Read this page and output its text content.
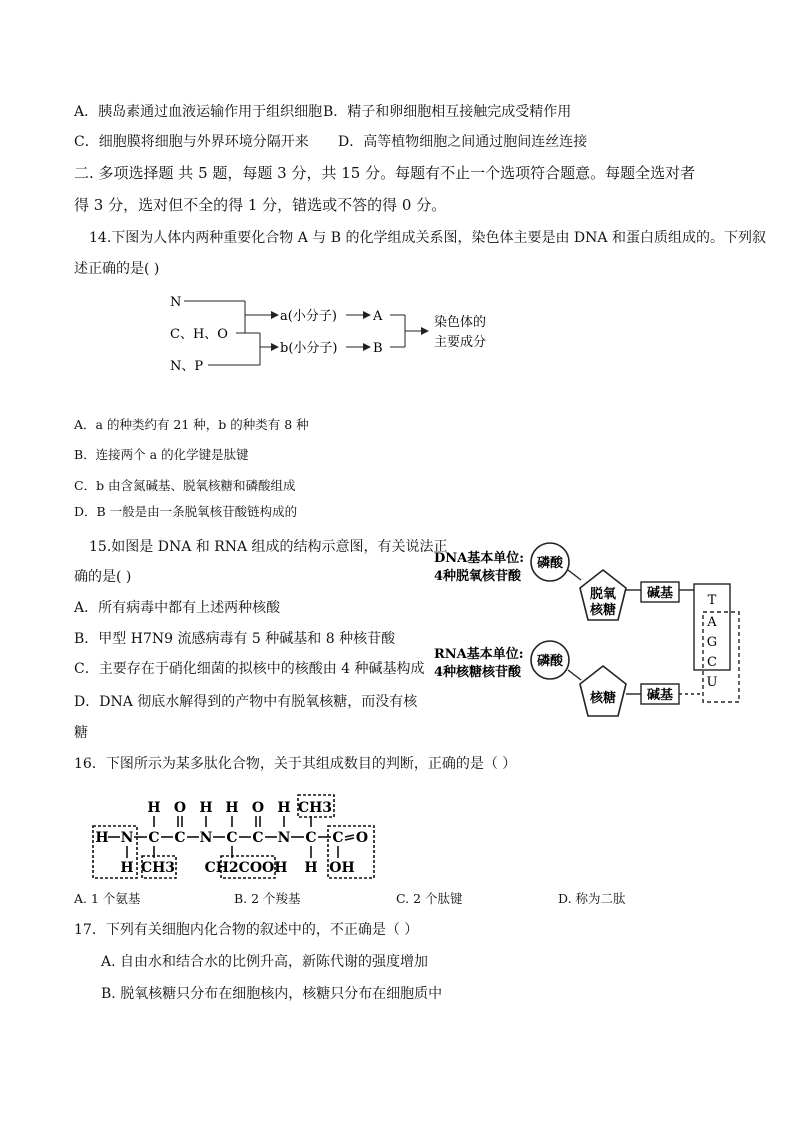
A．胰岛素通过血液运输作用于组织细胞 B．精子和卵细胞相互接触完成受精作用
C．细胞膜将细胞与外界环境分隔开来 D．高等植物细胞之间通过胞间连丝连接
二. 多项选择题 共 5 题，每题 3 分，共 15 分。每题有不止一个选项符合题意。每题全选对者
得 3 分，选对但不全的得 1 分，错选或不答的得 0 分。
14.下图为人体内两种重要化合物 A 与 B 的化学组成关系图，染色体主要是由 DNA 和蛋白质组成的。下列叙
述正确的是( )
N
C、H、O
N、P
a(小分子)
b(小分子)
A
B
染色体的
主要成分
A．a 的种类约有 21 种，b 的种类有 8 种
B．连接两个 a 的化学键是肽键
C．b 由含氮碱基、脱氧核糖和磷酸组成
D．B 一般是由一条脱氧核苷酸链构成的
15.如图是 DNA 和 RNA 组成的结构示意图，有关说法正
确的是( )
A．所有病毒中都有上述两种核酸
B．甲型 H7N9 流感病毒有 5 种碱基和 8 种核苷酸
C．主要存在于硝化细菌的拟核中的核酸由 4 种碱基构成
D．DNA 彻底水解得到的产物中有脱氧核糖，而没有核
糖
DNA基本单位:
4种脱氧核苷酸
RNA基本单位:
4种核糖核苷酸
磷酸
脱氧
核糖
碱基
磷酸
核糖 碱基
T
A
G
C
U
16．下图所示为某多肽化合物，关于其组成数目的判断，正确的是（ ）
H O H H O H CH3
H N C C N C C N C C O
H CH3 CH2COOH H OH
A. 1 个氨基	B. 2 个羧基	C. 2 个肽键	D. 称为二肽
17．下列有关细胞内化合物的叙述中的，不正确是（ ）
A. 自由水和结合水的比例升高，新陈代谢的强度增加
B. 脱氧核糖只分布在细胞核内，核糖只分布在细胞质中
